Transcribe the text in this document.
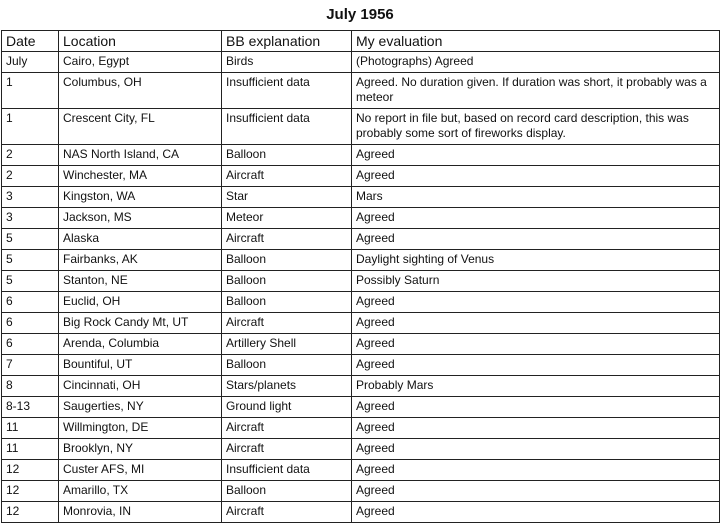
July 1956
Date	Location	BB explanation	My evaluation
July	Cairo, Egypt	Birds	(Photographs) Agreed
1	Columbus, OH	Insufficient data	Agreed. No duration given. If duration was short, it probably was a meteor
1	Crescent City, FL	Insufficient data	No report in file but, based on record card description, this was probably some sort of fireworks display.
2	NAS North Island, CA	Balloon	Agreed
2	Winchester, MA	Aircraft	Agreed
3	Kingston, WA	Star	Mars
3	Jackson, MS	Meteor	Agreed
5	Alaska	Aircraft	Agreed
5	Fairbanks, AK	Balloon	Daylight sighting of Venus
5	Stanton, NE	Balloon	Possibly Saturn
6	Euclid, OH	Balloon	Agreed
6	Big Rock Candy Mt, UT	Aircraft	Agreed
6	Arenda, Columbia	Artillery Shell	Agreed
7	Bountiful, UT	Balloon	Agreed
8	Cincinnati, OH	Stars/planets	Probably Mars
8-13	Saugerties, NY	Ground light	Agreed
11	Willmington, DE	Aircraft	Agreed
11	Brooklyn, NY	Aircraft	Agreed
12	Custer AFS, MI	Insufficient data	Agreed
12	Amarillo, TX	Balloon	Agreed
12	Monrovia, IN	Aircraft	Agreed
